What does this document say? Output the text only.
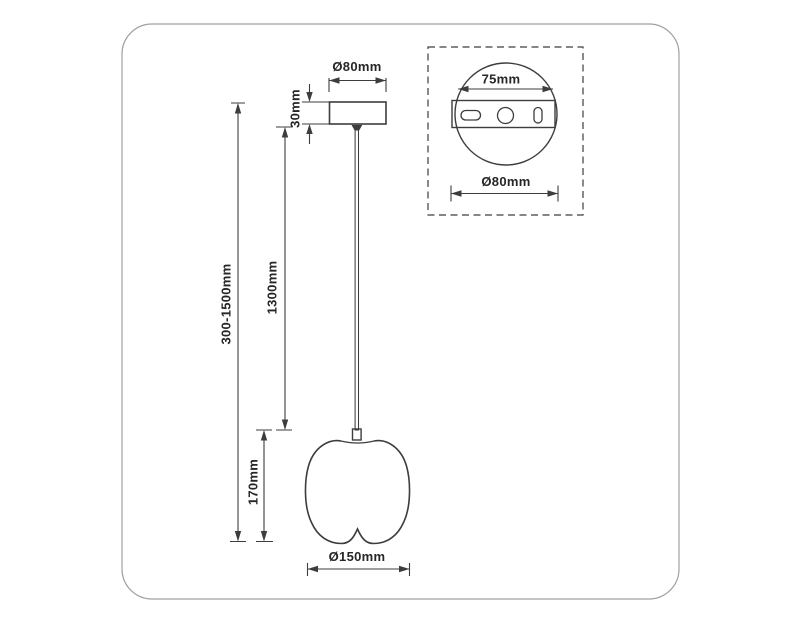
Ø80mm
30mm
300-1500mm 1300mm
170mm
Ø150mm
75mm
Ø80mm
